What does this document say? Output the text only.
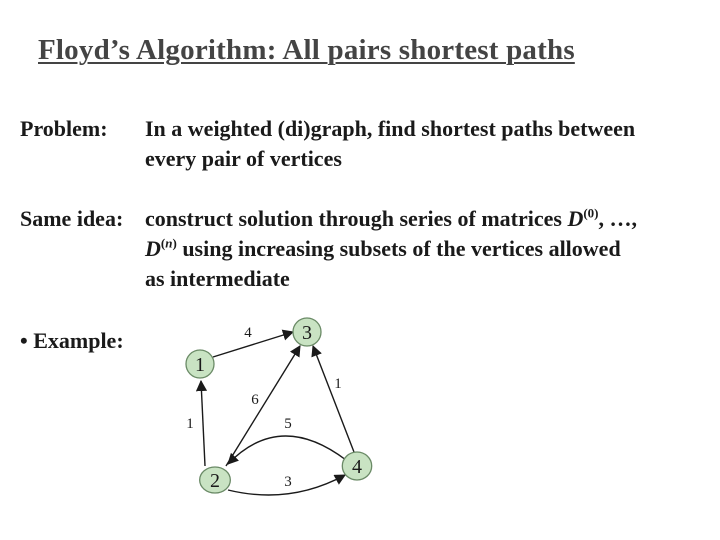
Floyd’s Algorithm: All pairs shortest paths
Problem: In a weighted (di)graph, find shortest paths between
every pair of vertices
Same idea: construct solution through series of matrices $D^{(0)}$, …,
$D^{(n)}$ using increasing subsets of the vertices allowed
as intermediate
• Example:	4
1
6
5
3
1
1
2
3
4
